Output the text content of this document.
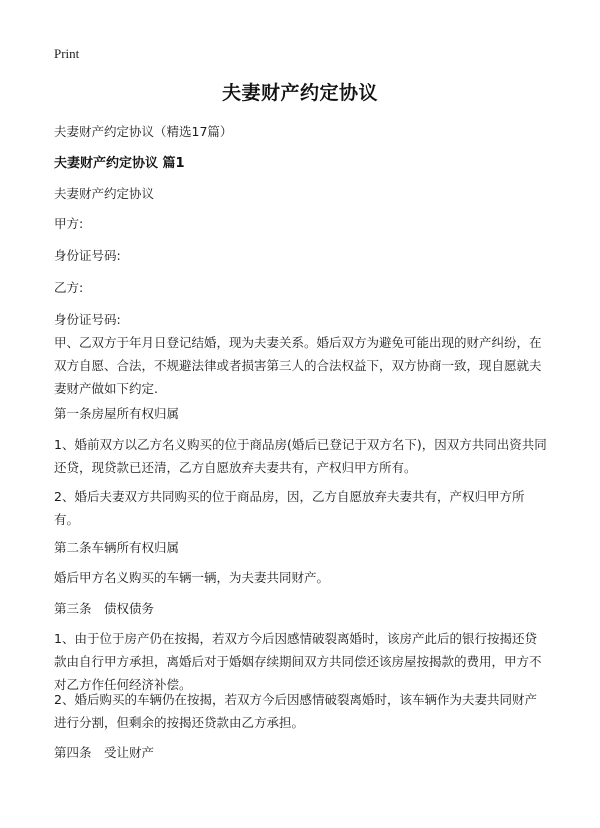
Print
夫妻财产约定协议

夫妻财产约定协议（精选17篇）

夫妻财产约定协议 篇1

夫妻财产约定协议

甲方:

身份证号码:

乙方:

身份证号码:

甲、乙双方于年月日登记结婚，现为夫妻关系。婚后双方为避免可能出现的财产纠纷，在双方自愿、合法，不规避法律或者损害第三人的合法权益下，双方协商一致，现自愿就夫妻财产做如下约定.

第一条房屋所有权归属

1、婚前双方以乙方名义购买的位于商品房(婚后已登记于双方名下)，因双方共同出资共同还贷，现贷款已还清，乙方自愿放弃夫妻共有，产权归甲方所有。

2、婚后夫妻双方共同购买的位于商品房，因，乙方自愿放弃夫妻共有，产权归甲方所有。

第二条车辆所有权归属

婚后甲方名义购买的车辆一辆，为夫妻共同财产。

第三条　债权债务

1、由于位于房产仍在按揭，若双方今后因感情破裂离婚时，该房产此后的银行按揭还贷款由自行甲方承担，离婚后对于婚姻存续期间双方共同偿还该房屋按揭款的费用，甲方不对乙方作任何经济补偿。

2、婚后购买的车辆仍在按揭，若双方今后因感情破裂离婚时，该车辆作为夫妻共同财产进行分割，但剩余的按揭还贷款由乙方承担。

第四条　受让财产
